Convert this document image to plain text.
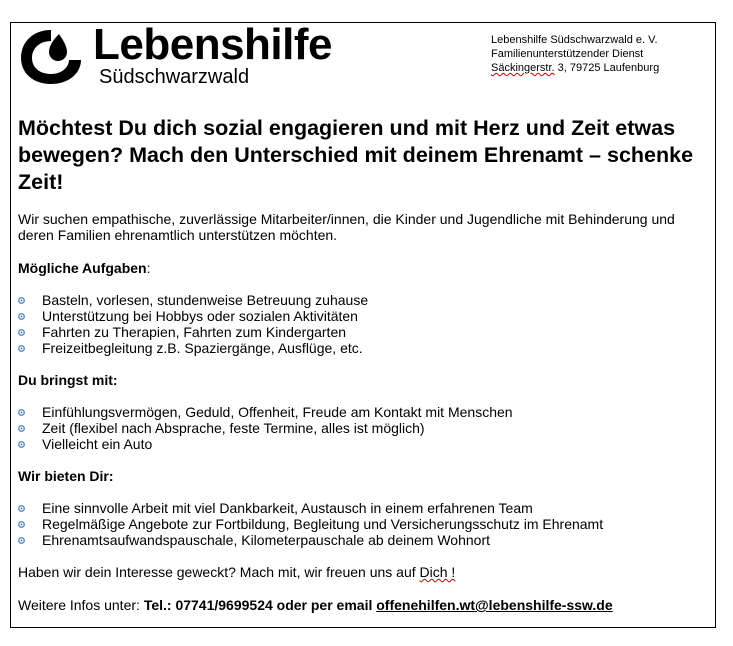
Lebenshilfe
Südschwarzwald
Lebenshilfe Südschwarzwald e. V.
Familienunterstützender Dienst
Säckingerstr. 3, 79725 Laufenburg
Möchtest Du dich sozial engagieren und mit Herz und Zeit etwas bewegen? Mach den Unterschied mit deinem Ehrenamt – schenke Zeit!

Wir suchen empathische, zuverlässige Mitarbeiter/innen, die Kinder und Jugendliche mit Behinderung und deren Familien ehrenamtlich unterstützen möchten.

Mögliche Aufgaben:
Basteln, vorlesen, stundenweise Betreuung zuhause
Unterstützung bei Hobbys oder sozialen Aktivitäten
Fahrten zu Therapien, Fahrten zum Kindergarten
Freizeitbegleitung z.B. Spaziergänge, Ausflüge, etc.
Du bringst mit:
Einfühlungsvermögen, Geduld, Offenheit, Freude am Kontakt mit Menschen
Zeit (flexibel nach Absprache, feste Termine, alles ist möglich)
Vielleicht ein Auto
Wir bieten Dir:
Eine sinnvolle Arbeit mit viel Dankbarkeit, Austausch in einem erfahrenen Team
Regelmäßige Angebote zur Fortbildung, Begleitung und Versicherungsschutz im Ehrenamt
Ehrenamtsaufwandspauschale, Kilometerpauschale ab deinem Wohnort
Haben wir dein Interesse geweckt? Mach mit, wir freuen uns auf Dich !
Weitere Infos unter: Tel.: 07741/9699524 oder per email offenehilfen.wt@lebenshilfe-ssw.de
